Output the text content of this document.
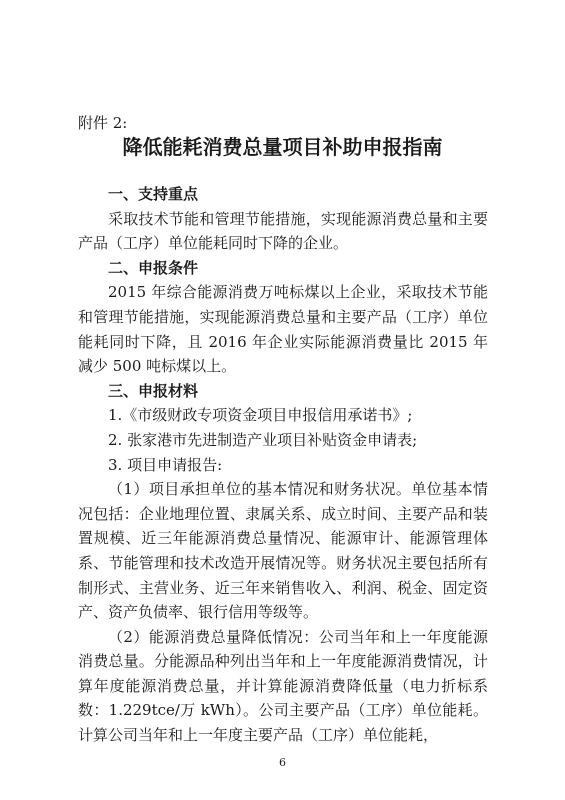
附件 2:
降低能耗消费总量项目补助申报指南

一、支持重点

采取技术节能和管理节能措施，实现能源消费总量和主要产品（工序）单位能耗同时下降的企业。

二、申报条件

2015 年综合能源消费万吨标煤以上企业，采取技术节能和管理节能措施，实现能源消费总量和主要产品（工序）单位能耗同时下降，且 2016 年企业实际能源消费量比 2015 年减少 500 吨标煤以上。

三、申报材料

1.《市级财政专项资金项目申报信用承诺书》;

2. 张家港市先进制造产业项目补贴资金申请表;

3. 项目申请报告:

（1）项目承担单位的基本情况和财务状况。单位基本情况包括：企业地理位置、隶属关系、成立时间、主要产品和装置规模、近三年能源消费总量情况、能源审计、能源管理体系、节能管理和技术改造开展情况等。财务状况主要包括所有制形式、主营业务、近三年来销售收入、利润、税金、固定资产、资产负债率、银行信用等级等。

（2）能源消费总量降低情况：公司当年和上一年度能源消费总量。分能源品种列出当年和上一年度能源消费情况，计算年度能源消费总量，并计算能源消费降低量（电力折标系数：1.229tce/万 kWh）。公司主要产品（工序）单位能耗。计算公司当年和上一年度主要产品（工序）单位能耗，

6
